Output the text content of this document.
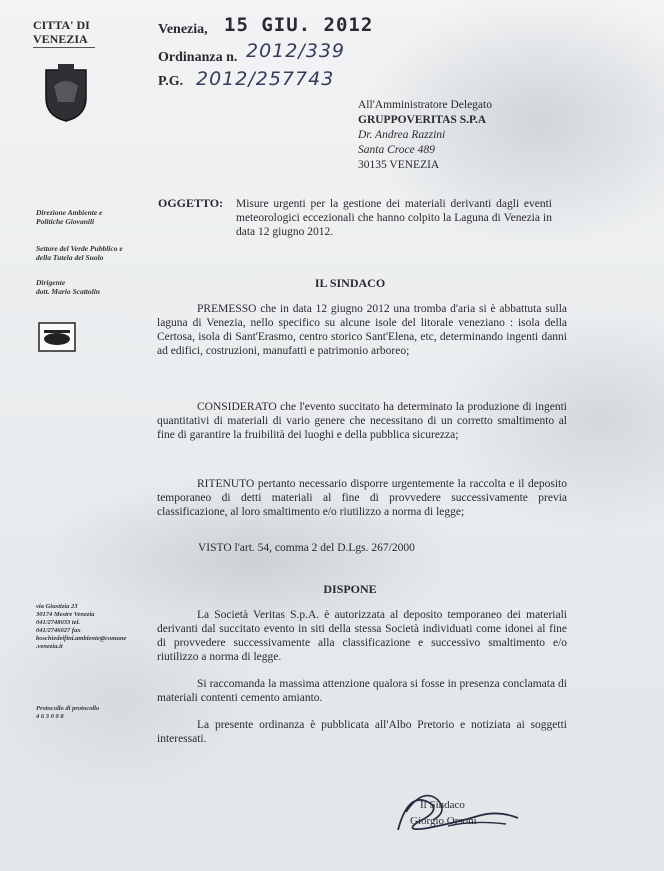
CITTA' DI
VENEZIA
Venezia, 15 GIU. 2012
Ordinanza n. 2012/339
P.G. 2012/257743
All'Amministratore Delegato
GRUPPOVERITAS S.P.A
Dr. Andrea Razzini
Santa Croce 489
30135 VENEZIA
Direzione Ambiente e
Politiche Giovanili
Settore del Verde Pubblico e
della Tutela del Suolo
Dirigente
dott. Mario Scattolin
via Giustizia 23
30174 Mestre Venezia
041/2748033 tel.
041/2746027 fax
boschiedeifini.ambiente@comune
.venezia.it
Protocollo di protocollo
4 6 3 0 0 8
OGGETTO: Misure urgenti per la gestione dei materiali derivanti dagli eventi meteorologici eccezionali che hanno colpito la Laguna di Venezia in data 12 giugno 2012.
IL SINDACO
PREMESSO che in data 12 giugno 2012 una tromba d'aria si è abbattuta sulla laguna di Venezia, nello specifico su alcune isole del litorale veneziano : isola della Certosa, isola di Sant'Erasmo, centro storico Sant'Elena, etc, determinando ingenti danni ad edifici, costruzioni, manufatti e patrimonio arboreo;
CONSIDERATO che l'evento succitato ha determinato la produzione di ingenti quantitativi di materiali di vario genere che necessitano di un corretto smaltimento al fine di garantire la fruibilità dei luoghi e della pubblica sicurezza;
RITENUTO pertanto necessario disporre urgentemente la raccolta e il deposito temporaneo di detti materiali al fine di provvedere successivamente previa classificazione, al loro smaltimento e/o riutilizzo a norma di legge;
VISTO l'art. 54, comma 2 del D.Lgs. 267/2000
DISPONE
La Società Veritas S.p.A. è autorizzata al deposito temporaneo dei materiali derivanti dal succitato evento in siti della stessa Società individuati come idonei al fine di provvedere successivamente alla classificazione e successivo smaltimento e/o riutilizzo a norma di legge.
Si raccomanda la massima attenzione qualora si fosse in presenza conclamata di materiali contenti cemento amianto.
La presente ordinanza è pubblicata all'Albo Pretorio e notiziata ai soggetti interessati.
Il Sindaco
Giorgio Orsoni
